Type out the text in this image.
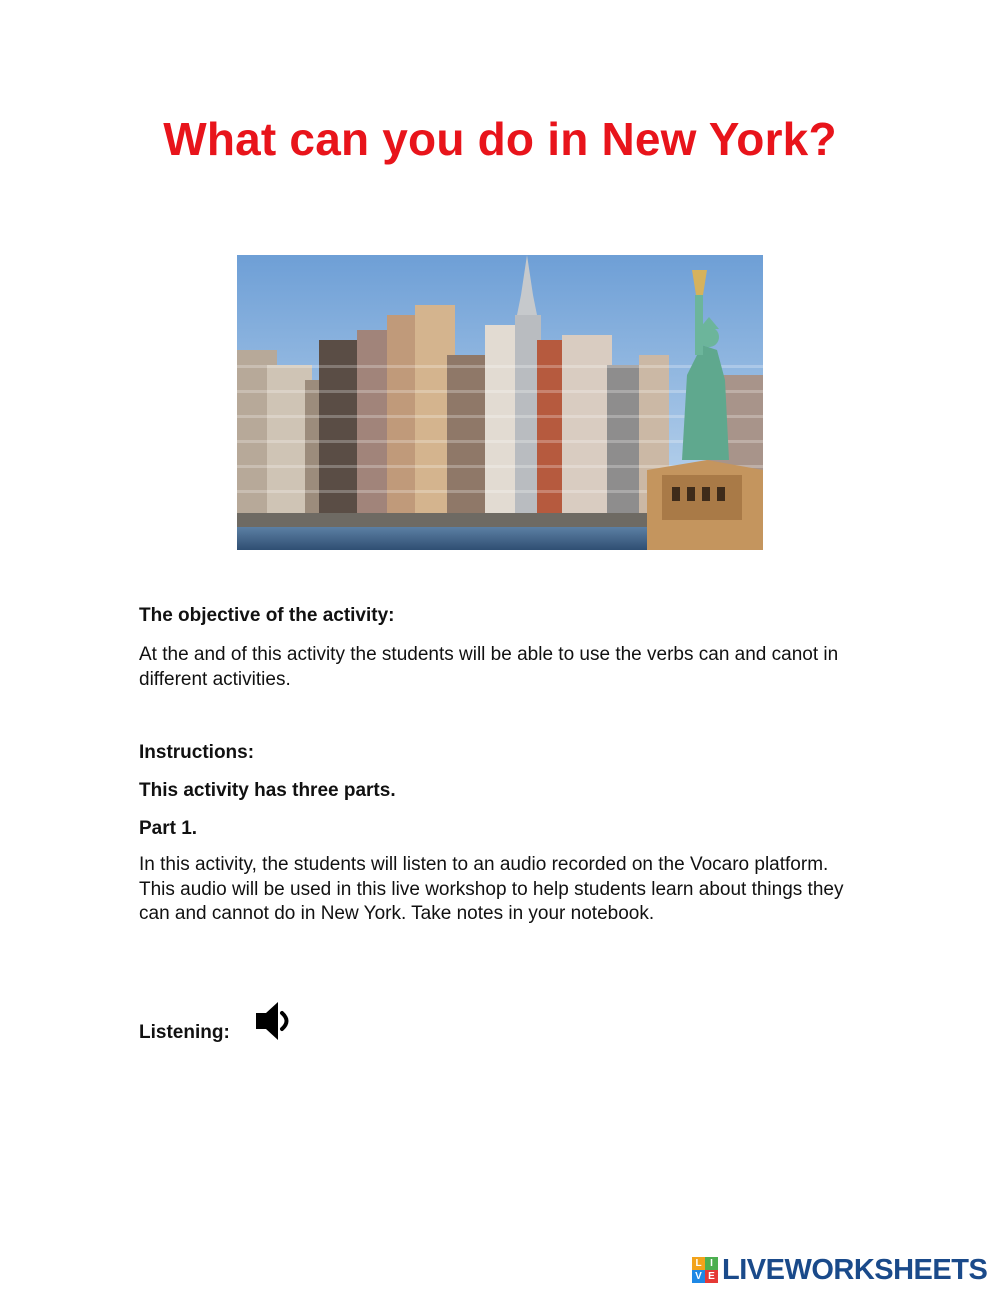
What can you do in New York?

The objective of the activity:

At the and of this activity the students will be able to use the verbs can and canot in different activities.

Instructions:

This activity has three parts.

Part 1.

In this activity, the students will listen to an audio recorded on the Vocaro platform. This audio will be used in this live workshop to help students learn about things they can and cannot do in New York. Take notes in your notebook.

Listening:
L I
V E LIVEWORKSHEETS
